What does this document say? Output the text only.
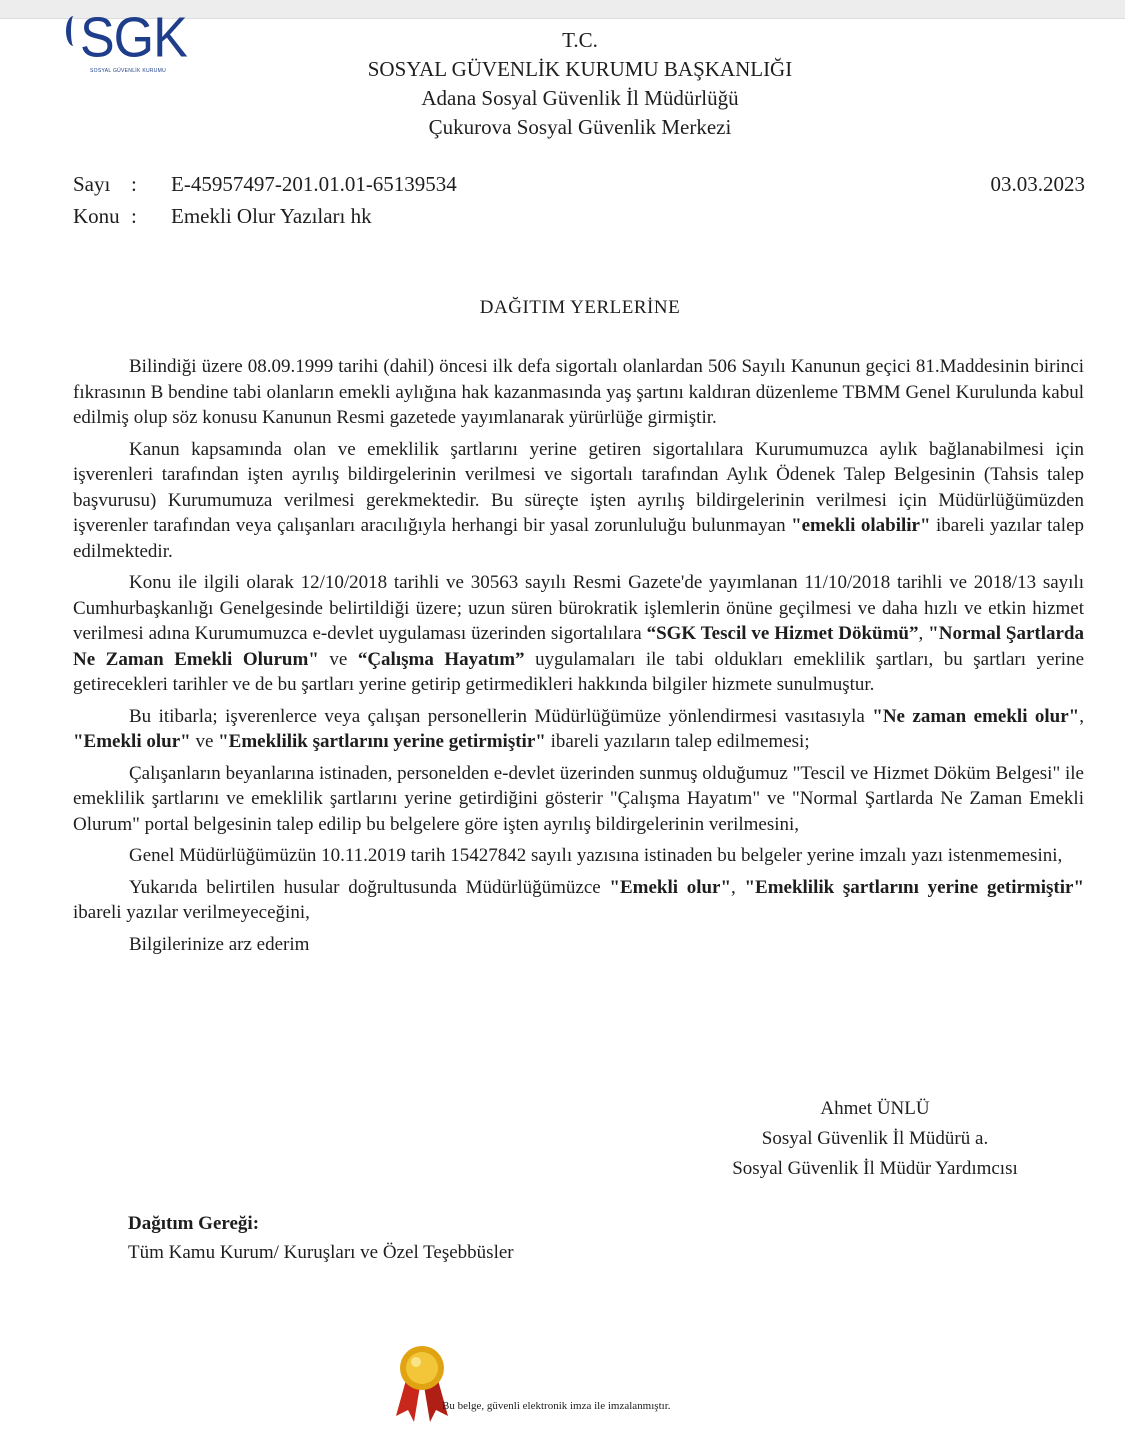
SGK
SOSYAL GÜVENLİK KURUMU
T.C.
SOSYAL GÜVENLİK KURUMU BAŞKANLIĞI
Adana Sosyal Güvenlik İl Müdürlüğü
Çukurova Sosyal Güvenlik Merkezi
Sayı : E-45957497-201.01.01-65139534
Konu : Emekli Olur Yazıları hk
03.03.2023
DAĞITIM YERLERİNE

Bilindiği üzere 08.09.1999 tarihi (dahil) öncesi ilk defa sigortalı olanlardan 506 Sayılı Kanunun geçici 81.Maddesinin birinci fıkrasının B bendine tabi olanların emekli aylığına hak kazanmasında yaş şartını kaldıran düzenleme TBMM Genel Kurulunda kabul edilmiş olup söz konusu Kanunun Resmi gazetede yayımlanarak yürürlüğe girmiştir.

Kanun kapsamında olan ve emeklilik şartlarını yerine getiren sigortalılara Kurumumuzca aylık bağlanabilmesi için işverenleri tarafından işten ayrılış bildirgelerinin verilmesi ve sigortalı tarafından Aylık Ödenek Talep Belgesinin (Tahsis talep başvurusu) Kurumumuza verilmesi gerekmektedir. Bu süreçte işten ayrılış bildirgelerinin verilmesi için Müdürlüğümüzden işverenler tarafından veya çalışanları aracılığıyla herhangi bir yasal zorunluluğu bulunmayan "emekli olabilir" ibareli yazılar talep edilmektedir.

Konu ile ilgili olarak 12/10/2018 tarihli ve 30563 sayılı Resmi Gazete'de yayımlanan 11/10/2018 tarihli ve 2018/13 sayılı Cumhurbaşkanlığı Genelgesinde belirtildiği üzere; uzun süren bürokratik işlemlerin önüne geçilmesi ve daha hızlı ve etkin hizmet verilmesi adına Kurumumuzca e-devlet uygulaması üzerinden sigortalılara “SGK Tescil ve Hizmet Dökümü”, "Normal Şartlarda Ne Zaman Emekli Olurum" ve “Çalışma Hayatım” uygulamaları ile tabi oldukları emeklilik şartları, bu şartları yerine getirecekleri tarihler ve de bu şartları yerine getirip getirmedikleri hakkında bilgiler hizmete sunulmuştur.

Bu itibarla; işverenlerce veya çalışan personellerin Müdürlüğümüze yönlendirmesi vasıtasıyla "Ne zaman emekli olur", "Emekli olur" ve "Emeklilik şartlarını yerine getirmiştir" ibareli yazıların talep edilmemesi;

Çalışanların beyanlarına istinaden, personelden e-devlet üzerinden sunmuş olduğumuz "Tescil ve Hizmet Döküm Belgesi" ile emeklilik şartlarını ve emeklilik şartlarını yerine getirdiğini gösterir "Çalışma Hayatım" ve "Normal Şartlarda Ne Zaman Emekli Olurum" portal belgesinin talep edilip bu belgelere göre işten ayrılış bildirgelerinin verilmesini,

Genel Müdürlüğümüzün 10.11.2019 tarih 15427842 sayılı yazısına istinaden bu belgeler yerine imzalı yazı istenmemesini,

Yukarıda belirtilen husular doğrultusunda Müdürlüğümüzce "Emekli olur", "Emeklilik şartlarını yerine getirmiştir" ibareli yazılar verilmeyeceğini,

Bilgilerinize arz ederim

Ahmet ÜNLÜ
Sosyal Güvenlik İl Müdürü a.
Sosyal Güvenlik İl Müdür Yardımcısı
Dağıtım Gereği:
Tüm Kamu Kurum/ Kuruşları ve Özel Teşebbüsler
Bu belge, güvenli elektronik imza ile imzalanmıştır.
